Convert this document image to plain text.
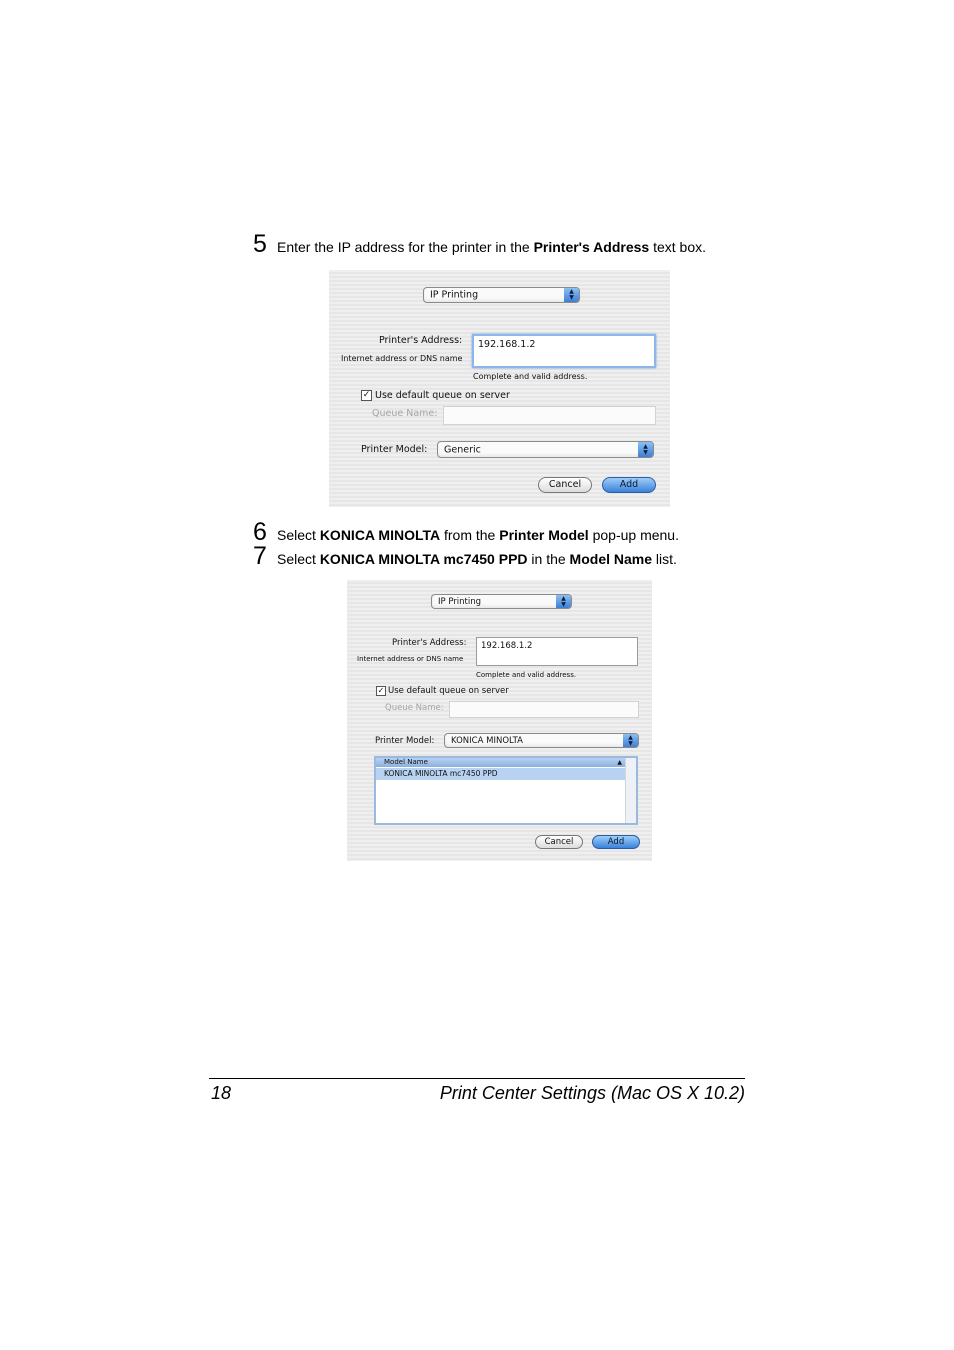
5 Enter the IP address for the printer in the Printer's Address text box.
IP Printing	▲
▼
Printer's Address:
Internet address or DNS name
192.168.1.2
Complete and valid address.
✓ Use default queue on server
Queue Name:
Printer Model: Generic	▲
▼
Cancel	Add
6 Select KONICA MINOLTA from the Printer Model pop-up menu.
7 Select KONICA MINOLTA mc7450 PPD in the Model Name list.
IP Printing	▲
▼
Printer's Address:
Internet address or DNS name
192.168.1.2
Complete and valid address.
✓ Use default queue on server
Queue Name:
Printer Model: KONICA MINOLTA	▲
▼
Model Name	▲
KONICA MINOLTA mc7450 PPD
Cancel	Add
18	Print Center Settings (Mac OS X 10.2)
